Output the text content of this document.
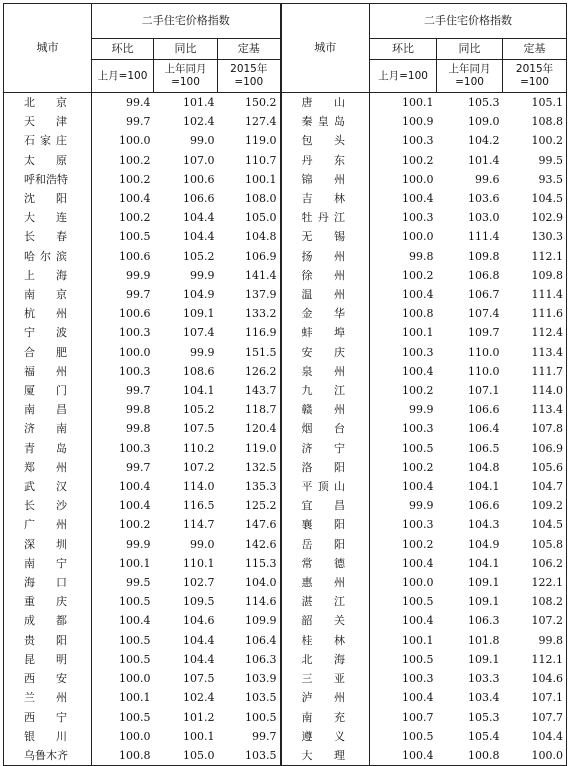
城市	二手住宅价格指数			城市	二手住宅价格指数		
	环比	同比	定基		环比	同比	定基
	上月=100	上年同月=100	2015年=100		上月=100	上年同月=100	2015年=100
北京	99.4	101.4	150.2	唐山	100.1	105.3	105.1
天津	99.7	102.4	127.4	秦皇岛	100.9	109.0	108.8
石家庄	100.0	99.0	119.0	包头	100.3	104.2	100.2
太原	100.2	107.0	110.7	丹东	100.2	101.4	99.5
呼和浩特	100.2	100.6	100.1	锦州	100.0	99.6	93.5
沈阳	100.4	106.6	108.0	吉林	100.4	103.6	104.5
大连	100.2	104.4	105.0	牡丹江	100.3	103.0	102.9
长春	100.5	104.4	104.8	无锡	100.0	111.4	130.3
哈尔滨	100.6	105.2	106.9	扬州	99.8	109.8	112.1
上海	99.9	99.9	141.4	徐州	100.2	106.8	109.8
南京	99.7	104.9	137.9	温州	100.4	106.7	111.4
杭州	100.6	109.1	133.2	金华	100.8	107.4	111.6
宁波	100.3	107.4	116.9	蚌埠	100.1	109.7	112.4
合肥	100.0	99.9	151.5	安庆	100.3	110.0	113.4
福州	100.3	108.6	126.2	泉州	100.4	110.0	111.7
厦门	99.7	104.1	143.7	九江	100.2	107.1	114.0
南昌	99.8	105.2	118.7	赣州	99.9	106.6	113.4
济南	99.8	107.5	120.4	烟台	100.3	106.4	107.8
青岛	100.3	110.2	119.0	济宁	100.5	106.5	106.9
郑州	99.7	107.2	132.5	洛阳	100.2	104.8	105.6
武汉	100.4	114.0	135.3	平顶山	100.4	104.1	104.7
长沙	100.4	116.5	125.2	宜昌	99.9	106.6	109.2
广州	100.2	114.7	147.6	襄阳	100.3	104.3	104.5
深圳	99.9	99.0	142.6	岳阳	100.2	104.9	105.8
南宁	100.1	110.1	115.3	常德	100.4	104.1	106.2
海口	99.5	102.7	104.0	惠州	100.0	109.1	122.1
重庆	100.5	109.5	114.6	湛江	100.5	109.1	108.2
成都	100.4	104.6	109.9	韶关	100.4	106.3	107.2
贵阳	100.5	104.4	106.4	桂林	100.1	101.8	99.8
昆明	100.5	104.4	106.3	北海	100.5	109.1	112.1
西安	100.0	107.5	103.9	三亚	100.3	103.3	104.6
兰州	100.1	102.4	103.5	泸州	100.4	103.4	107.1
西宁	100.5	101.2	100.5	南充	100.7	105.3	107.7
银川	100.0	100.1	99.7	遵义	100.5	105.4	104.4
乌鲁木齐	100.8	105.0	103.5	大理	100.4	100.8	100.0
